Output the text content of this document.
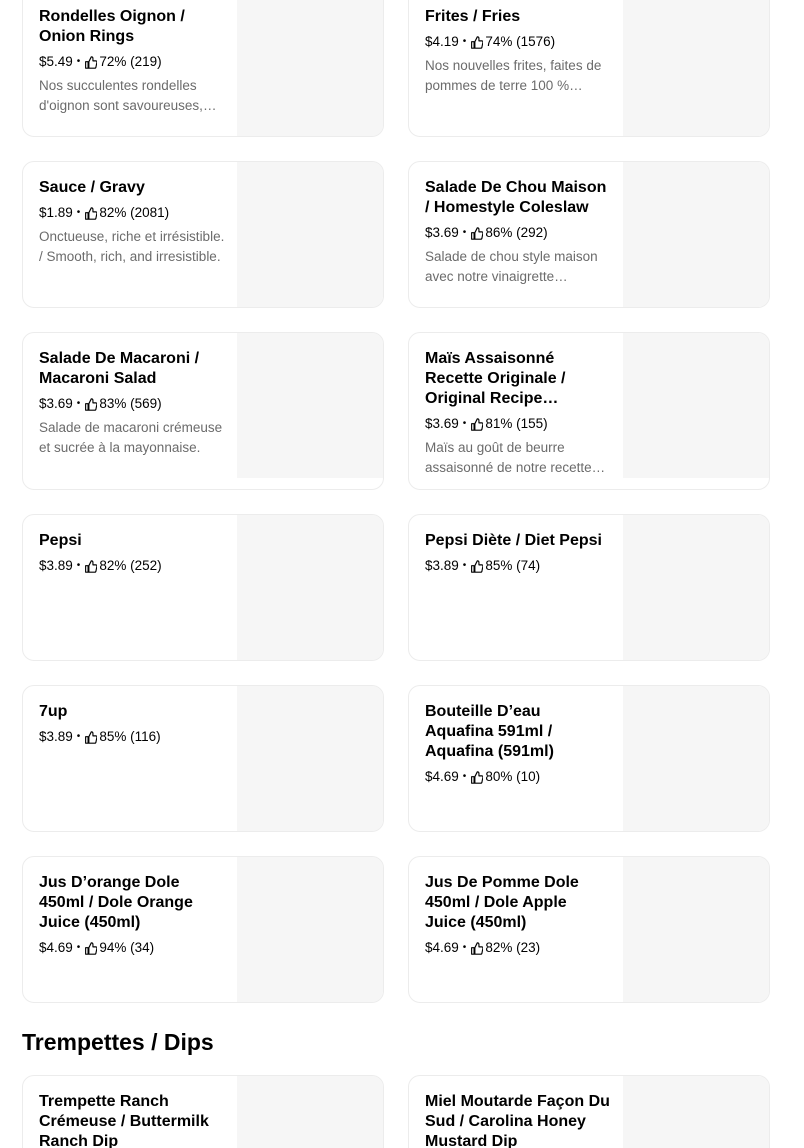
Rondelles Oignon / Onion Rings
$5.49 • 72% (219)
Nos succulentes rondelles d'oignon sont savoureuses,
Frites / Fries
$4.19 • 74% (1576)
Nos nouvelles frites, faites de pommes de terre 100 %
Sauce / Gravy
$1.89 • 82% (2081)
Onctueuse, riche et irrésistible. / Smooth, rich, and irresistible.
Salade De Chou Maison / Homestyle Coleslaw
$3.69 • 86% (292)
Salade de chou style maison avec notre vinaigrette
Salade De Macaroni / Macaroni Salad
$3.69 • 83% (569)
Salade de macaroni crémeuse et sucrée à la mayonnaise.
Maïs Assaisonné Recette Originale / Original Recipe
$3.69 • 81% (155)
Maïs au goût de beurre assaisonné de notre recette
Pepsi
$3.89 • 82% (252)
Pepsi Diète / Diet Pepsi
$3.89 • 85% (74)
7up
$3.89 • 85% (116)
Bouteille D’eau Aquafina 591ml / Aquafina (591ml)
$4.69 • 80% (10)
Jus D’orange Dole 450ml / Dole Orange Juice (450ml)
$4.69 • 94% (34)
Jus De Pomme Dole 450ml / Dole Apple Juice (450ml)
$4.69 • 82% (23)
Trempettes / Dips
Trempette Ranch Crémeuse / Buttermilk Ranch Dip
Miel Moutarde Façon Du Sud / Carolina Honey Mustard Dip
